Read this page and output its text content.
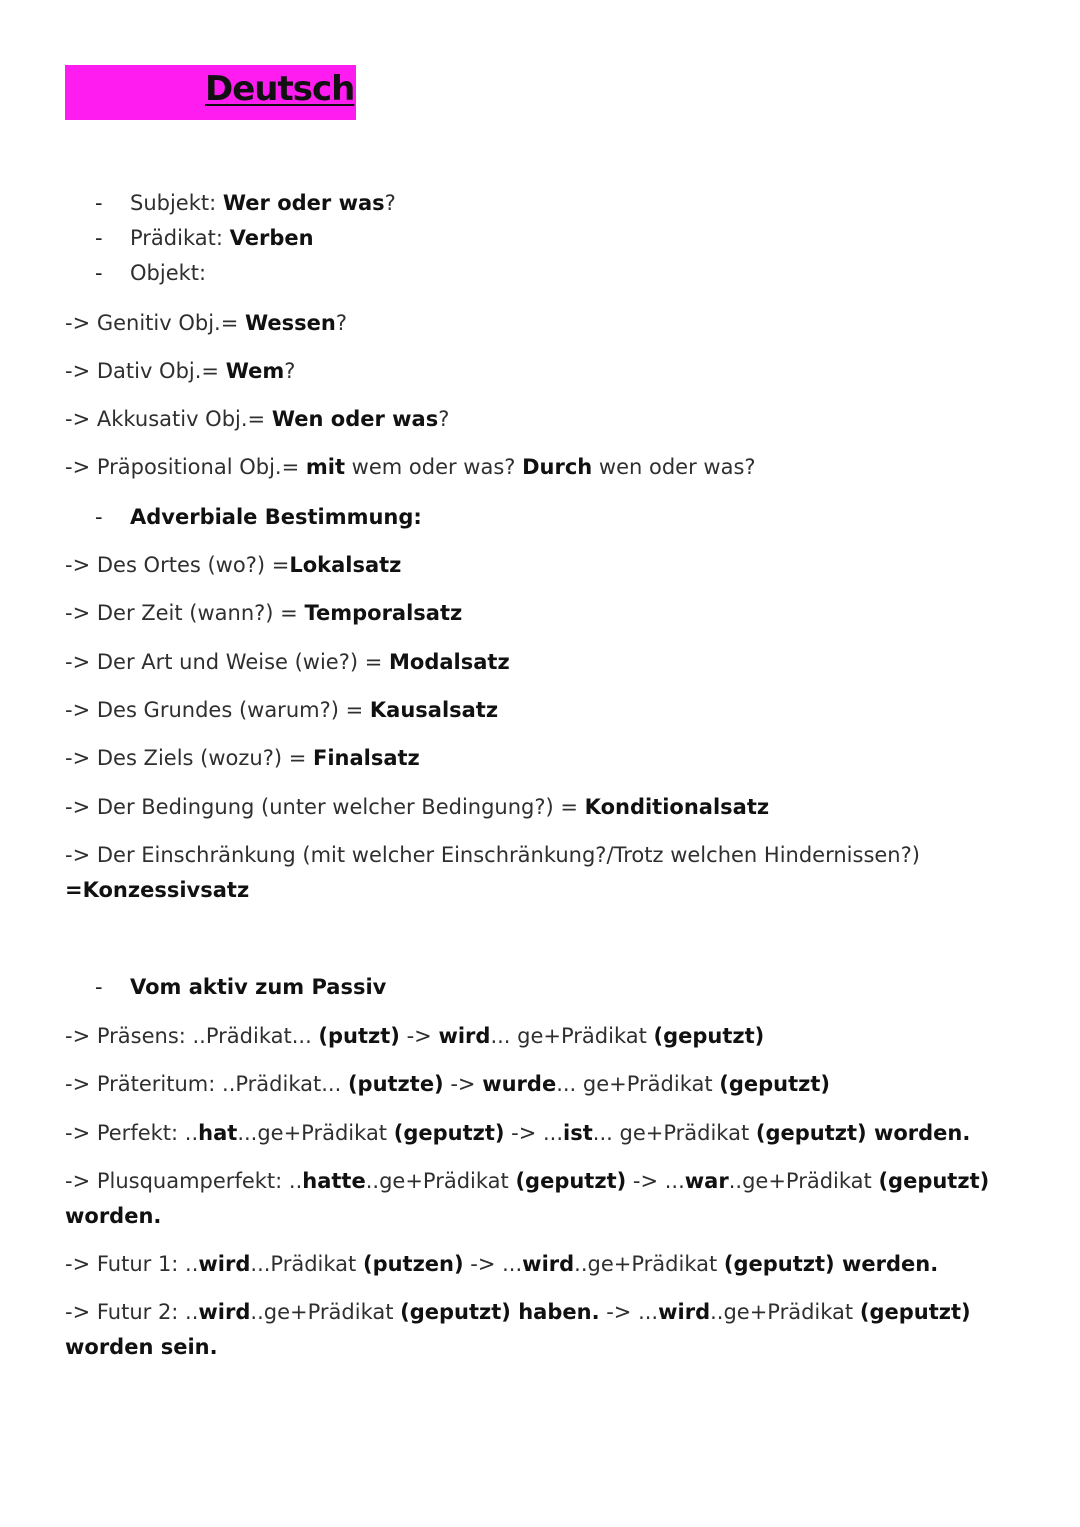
Deutsch
- Subjekt: Wer oder was?
- Prädikat: Verben
- Objekt:
-> Genitiv Obj.= Wessen?
-> Dativ Obj.= Wem?
-> Akkusativ Obj.= Wen oder was?
-> Präpositional Obj.= mit wem oder was? Durch wen oder was?
- Adverbiale Bestimmung:
-> Des Ortes (wo?) =Lokalsatz
-> Der Zeit (wann?) = Temporalsatz
-> Der Art und Weise (wie?) = Modalsatz
-> Des Grundes (warum?) = Kausalsatz
-> Des Ziels (wozu?) = Finalsatz
-> Der Bedingung (unter welcher Bedingung?) = Konditionalsatz
-> Der Einschränkung (mit welcher Einschränkung?/Trotz welchen Hindernissen?)
=Konzessivsatz
- Vom aktiv zum Passiv
-> Präsens: ..Prädikat... (putzt) -> wird... ge+Prädikat (geputzt)
-> Präteritum: ..Prädikat... (putzte) -> wurde... ge+Prädikat (geputzt)
-> Perfekt: ..hat...ge+Prädikat (geputzt) -> ...ist... ge+Prädikat (geputzt) worden.
-> Plusquamperfekt: ..hatte..ge+Prädikat (geputzt) -> ...war..ge+Prädikat (geputzt)
worden.
-> Futur 1: ..wird...Prädikat (putzen) -> ...wird..ge+Prädikat (geputzt) werden.
-> Futur 2: ..wird..ge+Prädikat (geputzt) haben. -> ...wird..ge+Prädikat (geputzt)
worden sein.
